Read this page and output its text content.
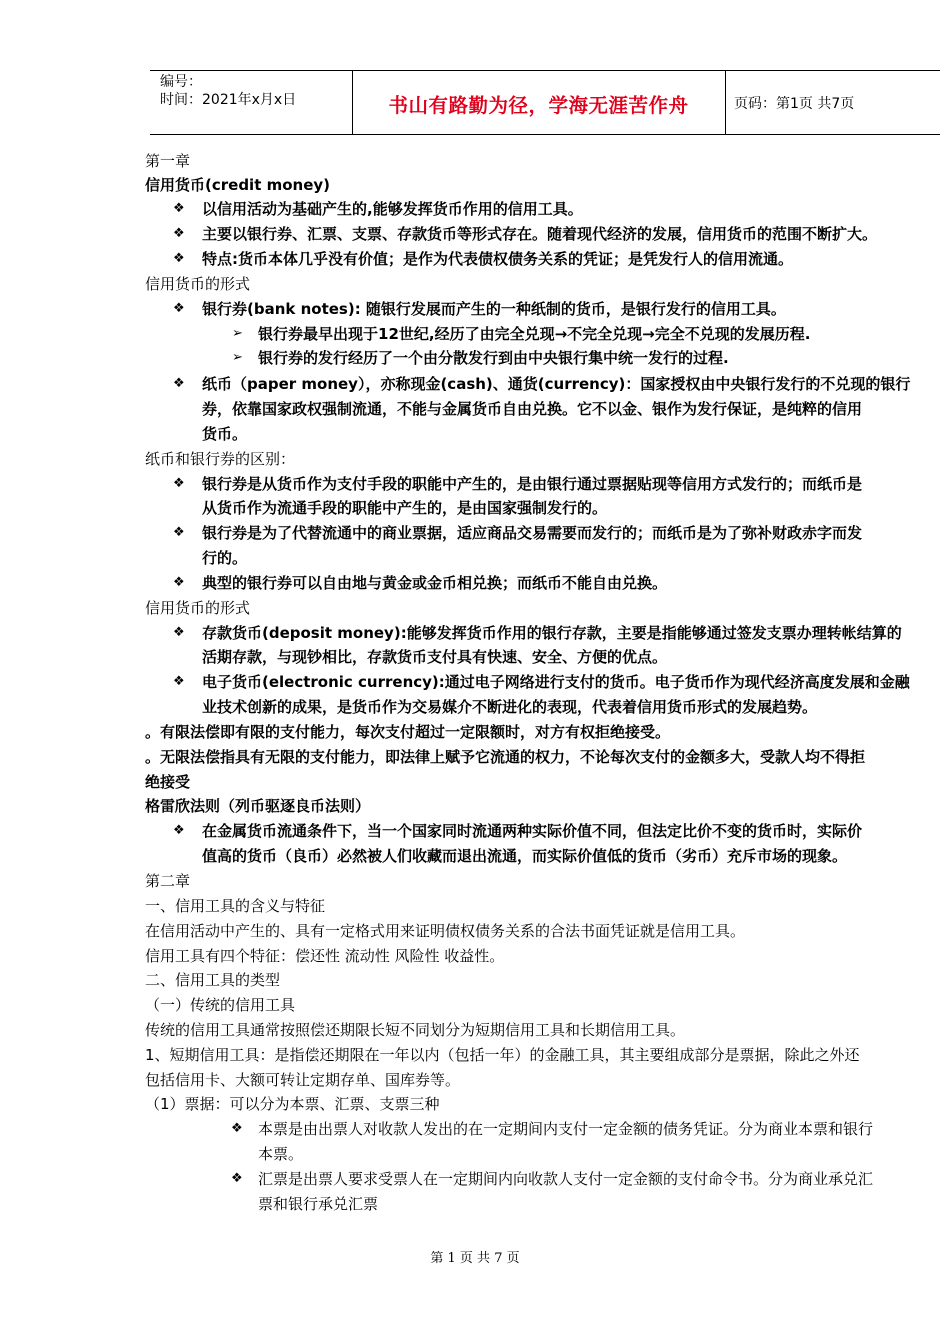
编号：
时间：2021年x月x日	书山有路勤为径，学海无涯苦作舟	页码：第1页 共7页
第一章
信用货币(credit money)
❖ 以信用活动为基础产生的,能够发挥货币作用的信用工具。
❖ 主要以银行券、汇票、支票、存款货币等形式存在。随着现代经济的发展，信用货币的范围不断扩大。
❖ 特点:货币本体几乎没有价值；是作为代表债权债务关系的凭证；是凭发行人的信用流通。
信用货币的形式
❖ 银行券(bank notes): 随银行发展而产生的一种纸制的货币，是银行发行的信用工具。
➢ 银行券最早出现于12世纪,经历了由完全兑现→不完全兑现→完全不兑现的发展历程.
➢ 银行券的发行经历了一个由分散发行到由中央银行集中统一发行的过程.
❖ 纸币（paper money），亦称现金(cash)、通货(currency)：国家授权由中央银行发行的不兑现的银行
券，依靠国家政权强制流通，不能与金属货币自由兑换。它不以金、银作为发行保证，是纯粹的信用
货币。
纸币和银行券的区别：
❖ 银行券是从货币作为支付手段的职能中产生的，是由银行通过票据贴现等信用方式发行的；而纸币是
从货币作为流通手段的职能中产生的，是由国家强制发行的。
❖ 银行券是为了代替流通中的商业票据，适应商品交易需要而发行的；而纸币是为了弥补财政赤字而发
行的。
❖ 典型的银行券可以自由地与黄金或金币相兑换；而纸币不能自由兑换。
信用货币的形式
❖ 存款货币(deposit money):能够发挥货币作用的银行存款，主要是指能够通过签发支票办理转帐结算的
活期存款，与现钞相比，存款货币支付具有快速、安全、方便的优点。
❖ 电子货币(electronic currency):通过电子网络进行支付的货币。电子货币作为现代经济高度发展和金融
业技术创新的成果，是货币作为交易媒介不断进化的表现，代表着信用货币形式的发展趋势。
。有限法偿即有限的支付能力，每次支付超过一定限额时，对方有权拒绝接受。
。无限法偿指具有无限的支付能力，即法律上赋予它流通的权力，不论每次支付的金额多大，受款人均不得拒
绝接受
格雷欣法则（列币驱逐良币法则）
❖ 在金属货币流通条件下，当一个国家同时流通两种实际价值不同，但法定比价不变的货币时，实际价
值高的货币（良币）必然被人们收藏而退出流通，而实际价值低的货币（劣币）充斥市场的现象。
第二章
一、信用工具的含义与特征
在信用活动中产生的、具有一定格式用来证明债权债务关系的合法书面凭证就是信用工具。
信用工具有四个特征：偿还性 流动性 风险性 收益性。
二、信用工具的类型
（一）传统的信用工具
传统的信用工具通常按照偿还期限长短不同划分为短期信用工具和长期信用工具。
1、短期信用工具：是指偿还期限在一年以内（包括一年）的金融工具，其主要组成部分是票据，除此之外还
包括信用卡、大额可转让定期存单、国库券等。
（1）票据：可以分为本票、汇票、支票三种
❖ 本票是由出票人对收款人发出的在一定期间内支付一定金额的债务凭证。分为商业本票和银行
本票。
❖ 汇票是出票人要求受票人在一定期间内向收款人支付一定金额的支付命令书。分为商业承兑汇
票和银行承兑汇票
第 1 页 共 7 页
